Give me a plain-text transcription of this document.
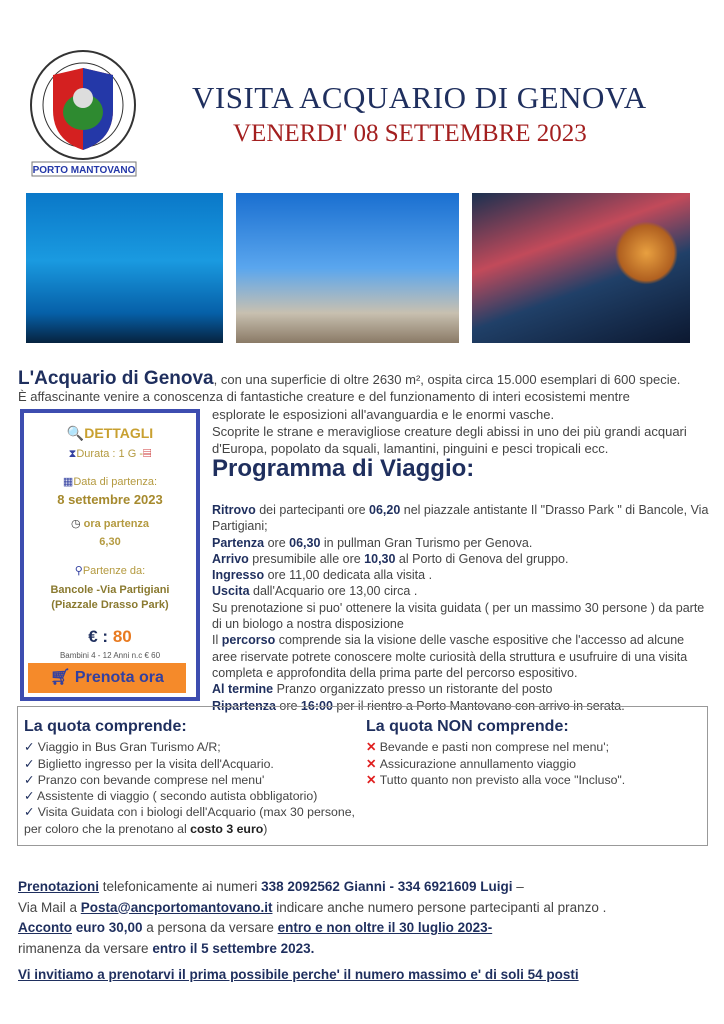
PORTO MANTOVANO
VISITA ACQUARIO DI GENOVA
VENERDI' 08 SETTEMBRE 2023
L'Acquario di Genova, con una superficie di oltre 2630 m², ospita circa 15.000 esemplari di 600 specie.
È affascinante venire a conoscenza di fantastiche creature e del funzionamento di interi ecosistemi mentre
esplorate le esposizioni all'avanguardia e le enormi vasche.
Scoprite le strane e meravigliose creature degli abissi in uno dei più grandi acquari d'Europa, popolato da squali, lamantini, pinguini e pesci tropicali ecc.
🔍DETTAGLI
⧗Durata : 1 G -▤
▦Data di partenza:
8 settembre 2023
◷ ora partenza
6,30
⚲Partenze da:
Bancole -Via Partigiani
(Piazzale Drasso Park)
€ : 80
Bambini 4 - 12 Anni n.c € 60
🛒︎ Prenota ora
Programma di Viaggio:
Ritrovo dei partecipanti ore 06,20 nel piazzale antistante Il "Drasso Park " di Bancole, Via Partigiani;
Partenza ore 06,30 in pullman Gran Turismo per Genova.
Arrivo presumibile alle ore 10,30 al Porto di Genova del gruppo.
Ingresso ore 11,00 dedicata alla visita .
Uscita dall'Acquario ore 13,00 circa .
Su prenotazione si puo' ottenere la visita guidata ( per un massimo 30 persone ) da parte di un biologo a nostra disposizione
Il percorso comprende sia la visione delle vasche espositive che l'accesso ad alcune aree riservate potrete conoscere molte curiosità della struttura e usufruire di una visita completa e approfondita della prima parte del percorso espositivo.
Al termine Pranzo organizzato presso un ristorante del posto
Ripartenza ore 16:00 per il rientro a Porto Mantovano con arrivo in serata.
La quota comprende:
✓ Viaggio in Bus Gran Turismo A/R;
✓ Biglietto ingresso per la visita dell'Acquario.
✓ Pranzo con bevande comprese nel menu'
✓ Assistente di viaggio ( secondo autista obbligatorio)
✓ Visita Guidata con i biologi dell'Acquario (max 30 persone, per coloro che la prenotano al costo 3 euro)
La quota NON comprende:
✕ Bevande e pasti non comprese nel menu';
✕ Assicurazione annullamento viaggio
✕ Tutto quanto non previsto alla voce "Incluso".
Prenotazioni telefonicamente ai numeri 338 2092562 Gianni - 334 6921609 Luigi –
Via Mail a Posta@ancportomantovano.it indicare anche numero persone partecipanti al pranzo .
Acconto euro 30,00 a persona da versare entro e non oltre il 30 luglio 2023-
rimanenza da versare entro il 5 settembre 2023.
Vi invitiamo a prenotarvi il prima possibile perche' il numero massimo e' di soli 54 posti
